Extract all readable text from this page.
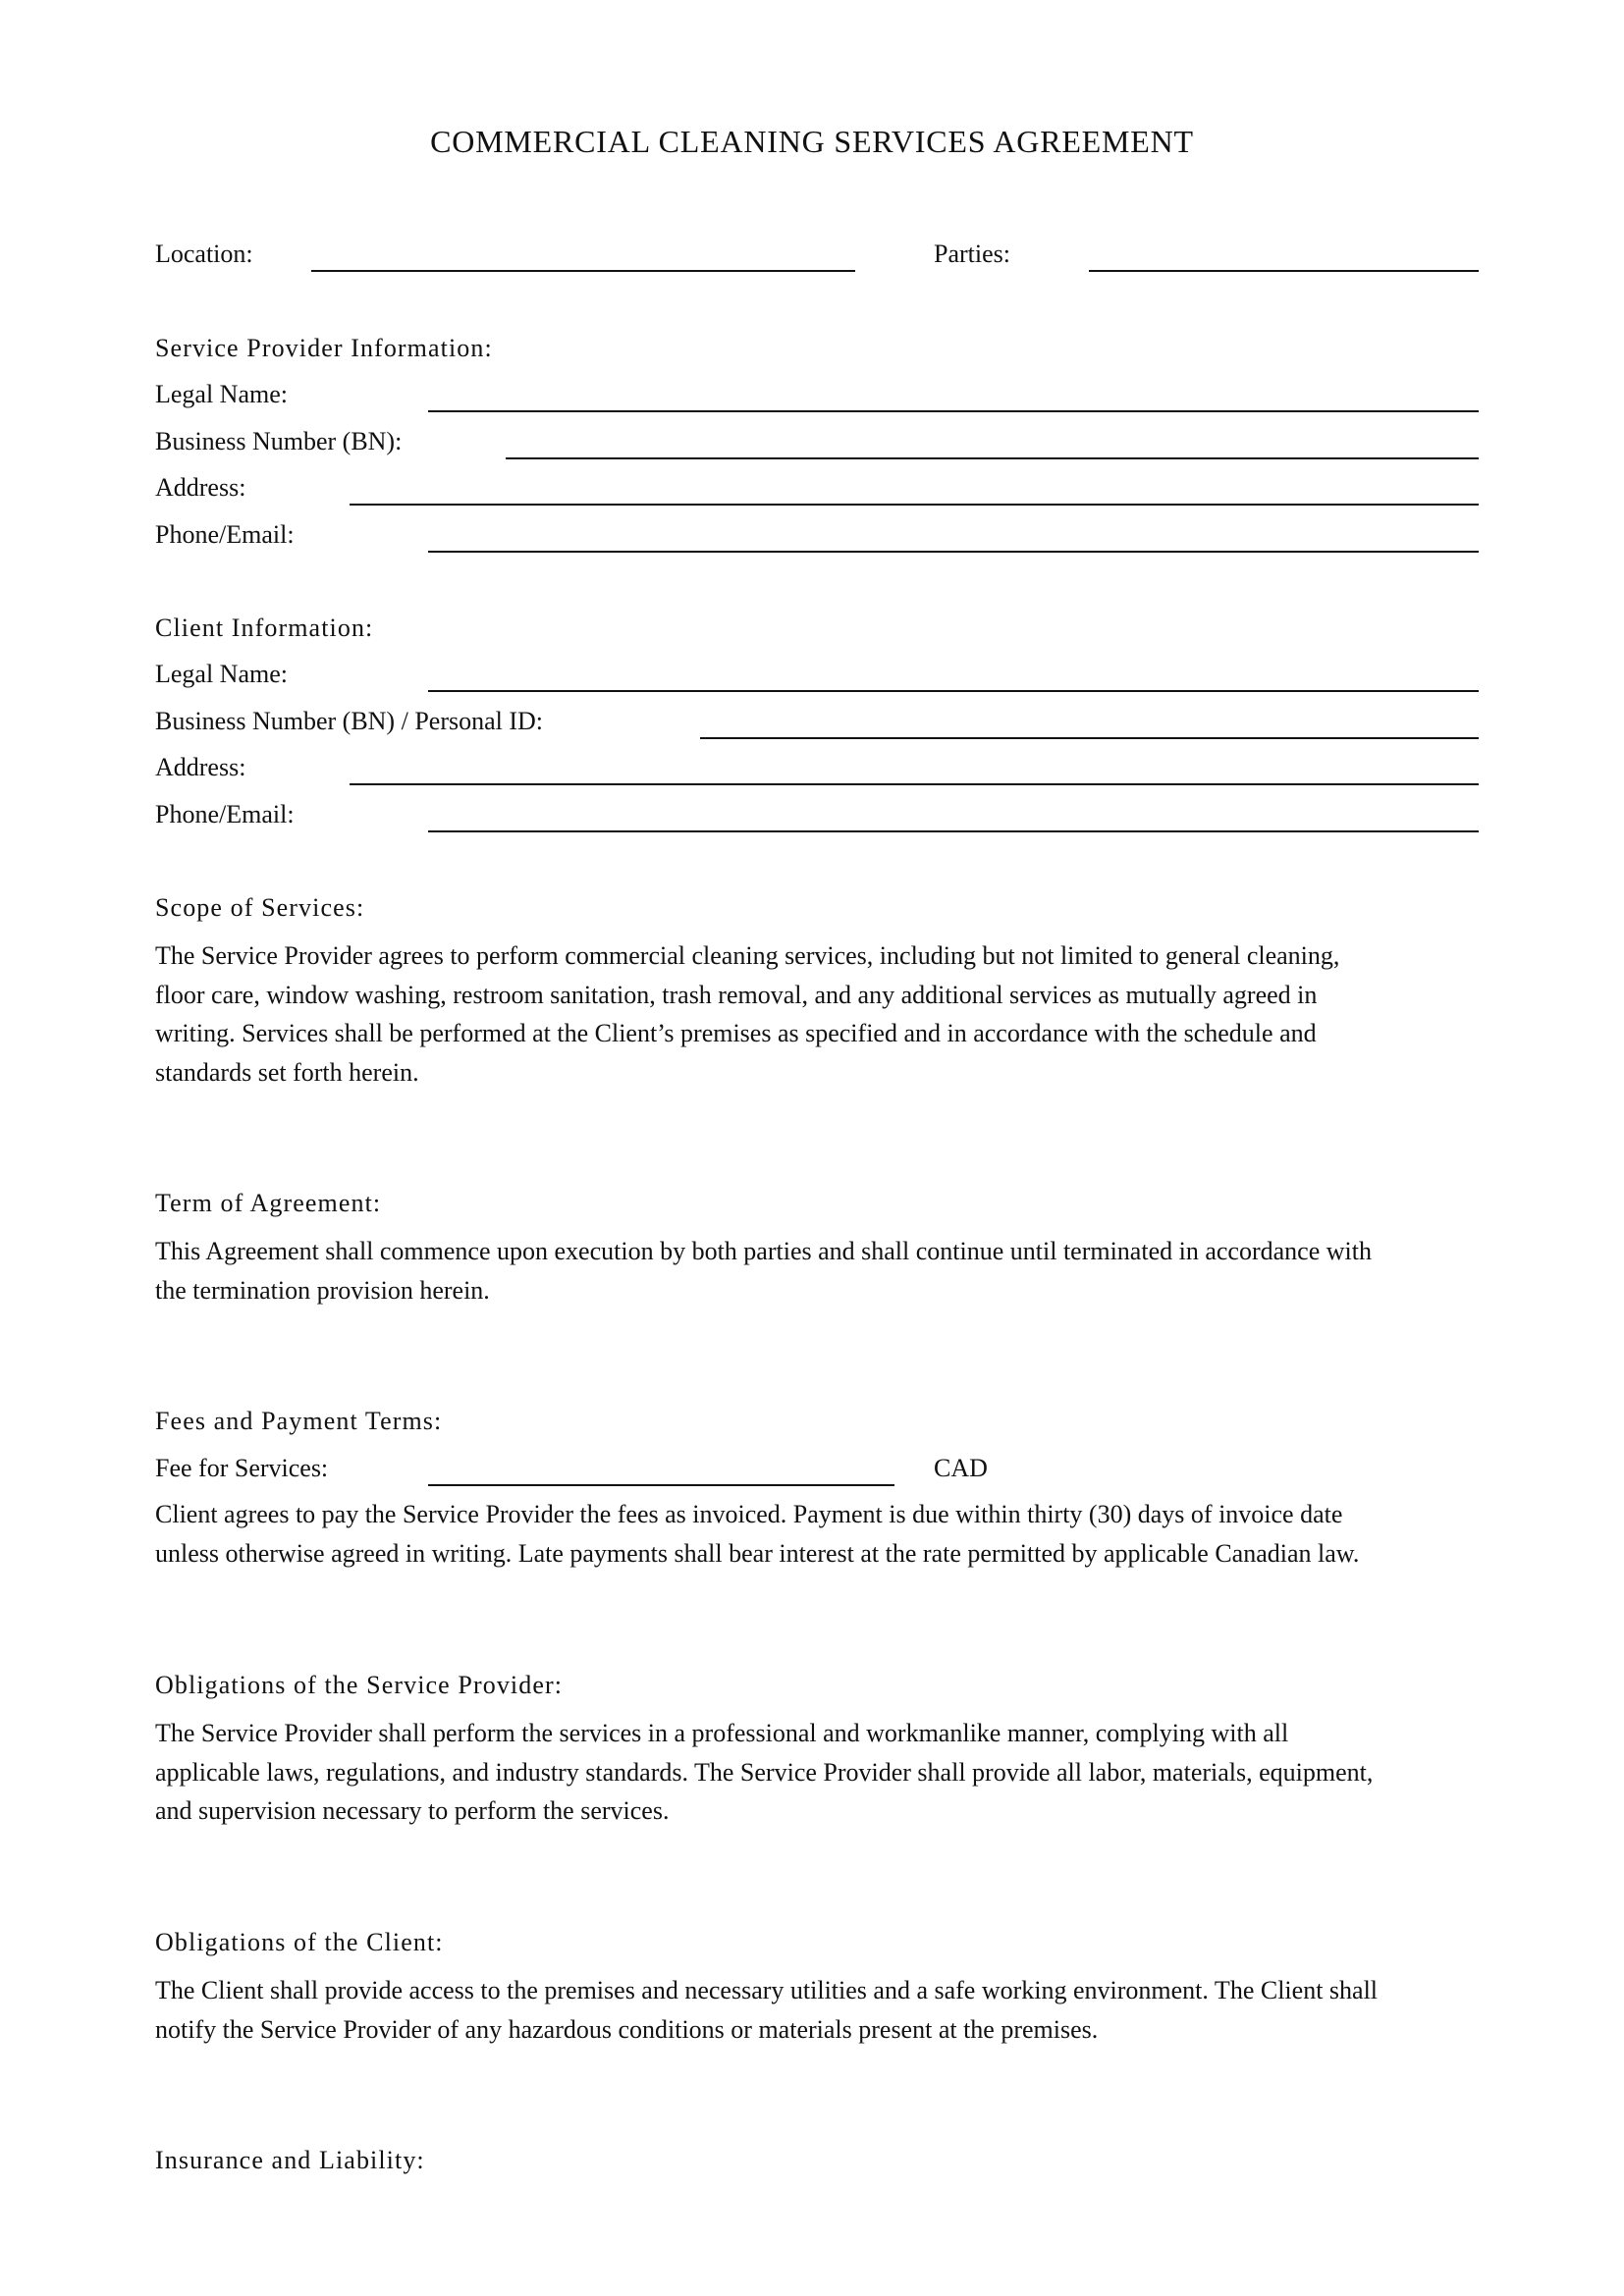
COMMERCIAL CLEANING SERVICES AGREEMENT
Location:	Parties:
Service Provider Information:
Legal Name:
Business Number (BN):
Address:
Phone/Email:
Client Information:
Legal Name:
Business Number (BN) / Personal ID:
Address:
Phone/Email:
Scope of Services:
The Service Provider agrees to perform commercial cleaning services, including but not limited to general cleaning,
floor care, window washing, restroom sanitation, trash removal, and any additional services as mutually agreed in
writing. Services shall be performed at the Client’s premises as specified and in accordance with the schedule and
standards set forth herein.
Term of Agreement:
This Agreement shall commence upon execution by both parties and shall continue until terminated in accordance with
the termination provision herein.
Fees and Payment Terms:
Fee for Services:	CAD
Client agrees to pay the Service Provider the fees as invoiced. Payment is due within thirty (30) days of invoice date
unless otherwise agreed in writing. Late payments shall bear interest at the rate permitted by applicable Canadian law.
Obligations of the Service Provider:
The Service Provider shall perform the services in a professional and workmanlike manner, complying with all
applicable laws, regulations, and industry standards. The Service Provider shall provide all labor, materials, equipment,
and supervision necessary to perform the services.
Obligations of the Client:
The Client shall provide access to the premises and necessary utilities and a safe working environment. The Client shall
notify the Service Provider of any hazardous conditions or materials present at the premises.
Insurance and Liability:
